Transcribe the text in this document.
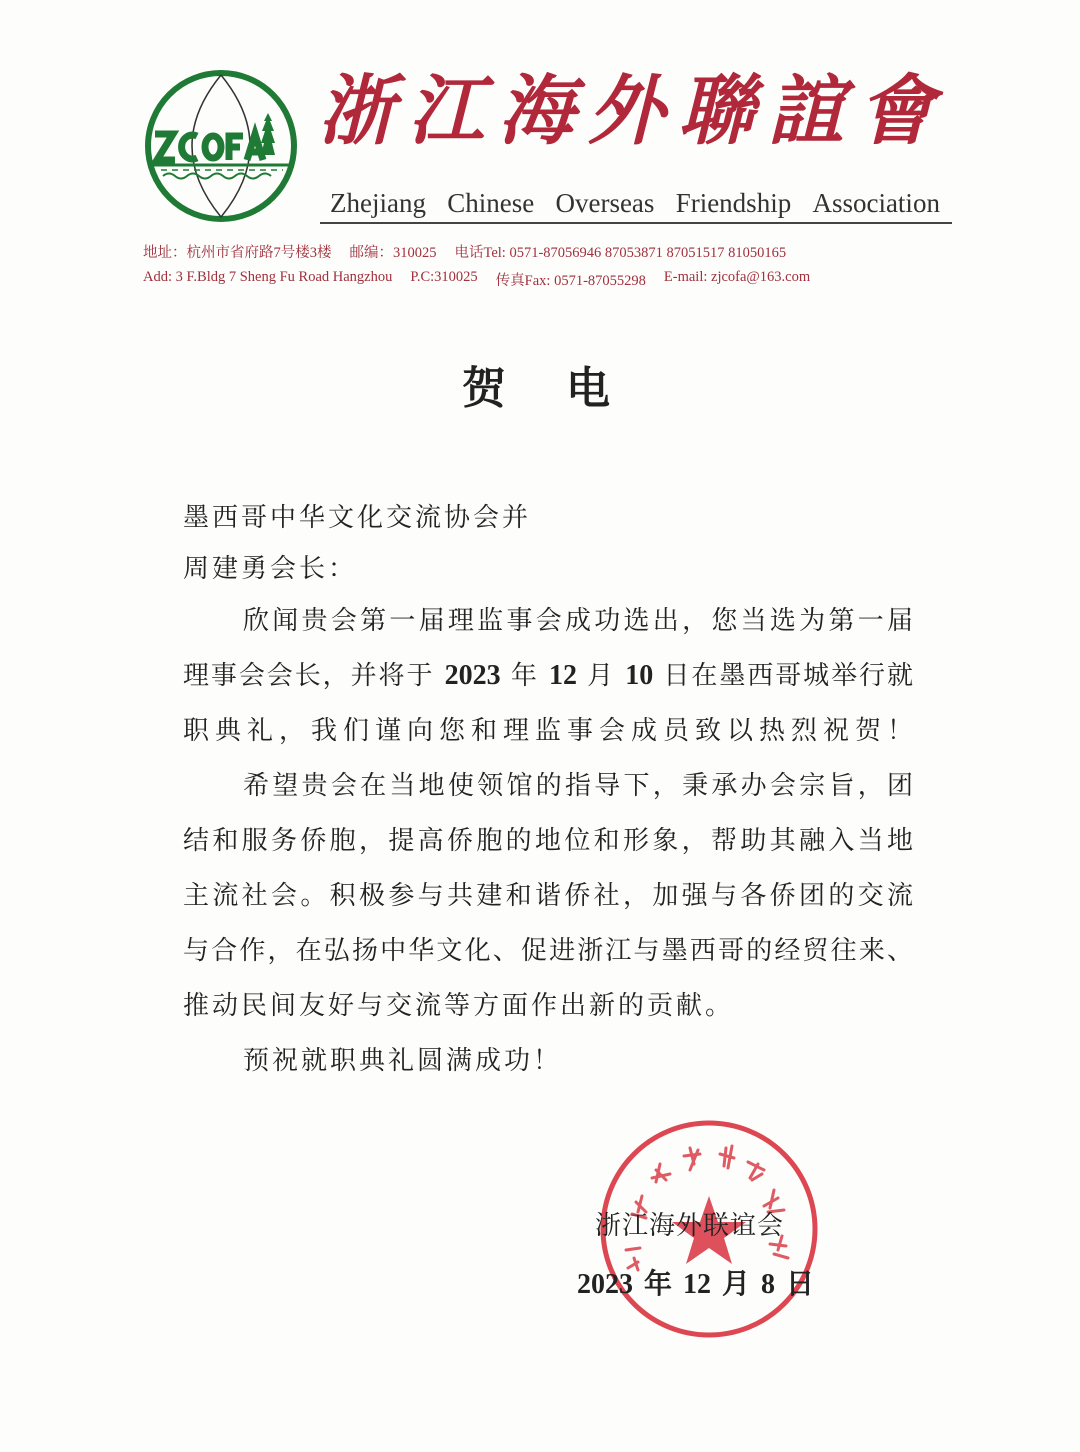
浙江海外聯誼會
Zhejiang Chinese Overseas Friendship Association
地址：杭州市省府路7号楼3楼 邮编：310025 电话Tel: 0571-87056946 87053871 87051517 81050165
Add: 3 F.Bldg 7 Sheng Fu Road Hangzhou P.C:310025 传真Fax: 0571-87055298 E-mail: zjcofa@163.com
贺电
墨西哥中华文化交流协会并
周建勇会长：
欣闻贵会第一届理监事会成功选出，您当选为第一届
理事会会长，并将于 2023 年 12 月 10 日在墨西哥城举行就
职典礼，我们谨向您和理监事会成员致以热烈祝贺！
希望贵会在当地使领馆的指导下，秉承办会宗旨，团
结和服务侨胞，提高侨胞的地位和形象，帮助其融入当地
主流社会。积极参与共建和谐侨社，加强与各侨团的交流
与合作，在弘扬中华文化、促进浙江与墨西哥的经贸往来、
推动民间友好与交流等方面作出新的贡献。
预祝就职典礼圆满成功！
浙江海外联谊会
2023 年 12 月 8 日
